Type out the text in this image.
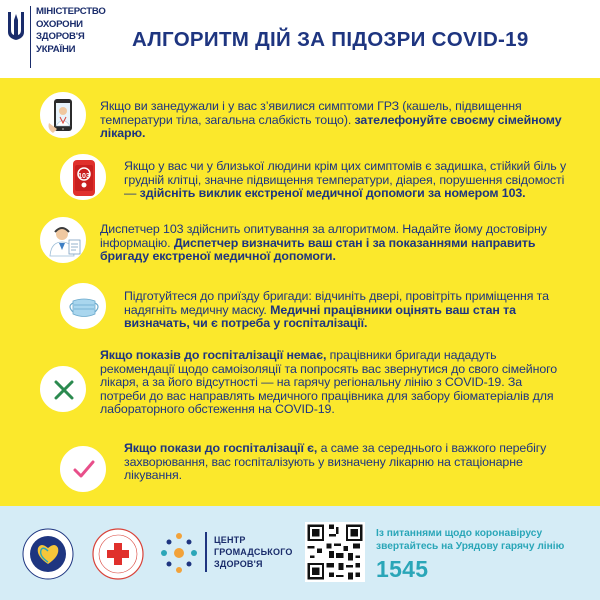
МІНІСТЕРСТВО
ОХОРОНИ
ЗДОРОВ'Я
УКРАЇНИ	АЛГОРИТМ ДІЙ ЗА ПІДОЗРИ COVID-19
Якщо ви занедужали і у вас з’явилися симптоми ГРЗ (кашель, підвищення температури тіла, загальна слабкість тощо). зателефонуйте своєму сімейному лікарю.
103
Якщо у вас чи у близької людини крім цих симптомів є задишка, стійкий біль у грудній клітці, значне підвищення температури, діарея, порушення свідомості — здійсніть виклик екстреної медичної допомоги за номером 103.
Диспетчер 103 здійснить опитування за алгоритмом. Надайте йому достовірну інформацію. Диспетчер визначить ваш стан і за показаннями направить бригаду екстреної медичної допомоги.
Підготуйтеся до приїзду бригади: відчиніть двері, провітріть приміщення та надягніть медичну маску. Медичні працівники оцінять ваш стан та визначать, чи є потреба у госпіталізації.
Якщо показів до госпіталізації немає, працівники бригади нададуть рекомендації щодо самоізоляції та попросять вас звернутися до свого сімейного лікаря, а за його відсутності — на гарячу регіональну лінію з COVID-19. За потреби до вас направлять медичного працівника для забору біоматеріалів для лабораторного обстеження на COVID-19.
Якщо покази до госпіталізації є, а саме за середнього і важкого перебігу захворювання, вас госпіталізують у визначену лікарню на стаціонарне лікування.
ЦЕНТР
ГРОМАДСЬКОГО
ЗДОРОВ'Я
Із питаннями щодо коронавірусу
звертайтесь на Урядову гарячу лінію
1545
